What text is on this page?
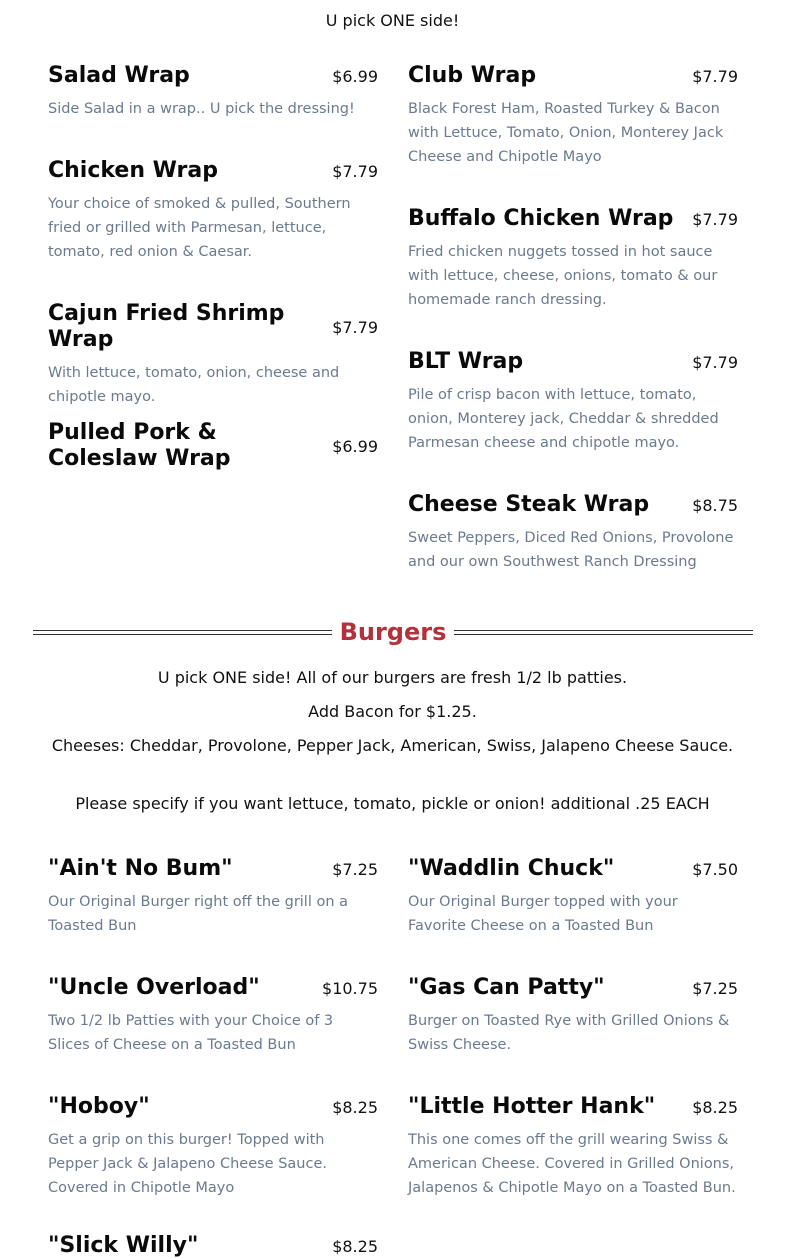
U pick ONE side!
Salad Wrap	$6.99
Side Salad in a wrap.. U pick the dressing!
Chicken Wrap	$7.79
Your choice of smoked & pulled, Southern fried or grilled with Parmesan, lettuce, tomato, red onion & Caesar.
Cajun Fried Shrimp Wrap	$7.79
With lettuce, tomato, onion, cheese and chipotle mayo.
Pulled Pork & Coleslaw Wrap	$6.99
Club Wrap	$7.79
Black Forest Ham, Roasted Turkey & Bacon with Lettuce, Tomato, Onion, Monterey Jack Cheese and Chipotle Mayo
Buffalo Chicken Wrap $7.79
Fried chicken nuggets tossed in hot sauce with lettuce, cheese, onions, tomato & our homemade ranch dressing.
BLT Wrap	$7.79
Pile of crisp bacon with lettuce, tomato, onion, Monterey jack, Cheddar & shredded Parmesan cheese and chipotle mayo.
Cheese Steak Wrap	$8.75
Sweet Peppers, Diced Red Onions, Provolone and our own Southwest Ranch Dressing
Burgers
U pick ONE side! All of our burgers are fresh 1/2 lb patties.
Add Bacon for $1.25.
Cheeses: Cheddar, Provolone, Pepper Jack, American, Swiss, Jalapeno Cheese Sauce.
Please specify if you want lettuce, tomato, pickle or onion! additional .25 EACH
"Ain't No Bum"	$7.25
Our Original Burger right off the grill on a Toasted Bun
"Uncle Overload"	$10.75
Two 1/2 lb Patties with your Choice of 3 Slices of Cheese on a Toasted Bun
"Hoboy"	$8.25
Get a grip on this burger! Topped with Pepper Jack & Jalapeno Cheese Sauce. Covered in Chipotle Mayo
"Slick Willy"	$8.25
"Waddlin Chuck"	$7.50
Our Original Burger topped with your Favorite Cheese on a Toasted Bun
"Gas Can Patty"	$7.25
Burger on Toasted Rye with Grilled Onions & Swiss Cheese.
"Little Hotter Hank" $8.25
This one comes off the grill wearing Swiss & American Cheese. Covered in Grilled Onions, Jalapenos & Chipotle Mayo on a Toasted Bun.
